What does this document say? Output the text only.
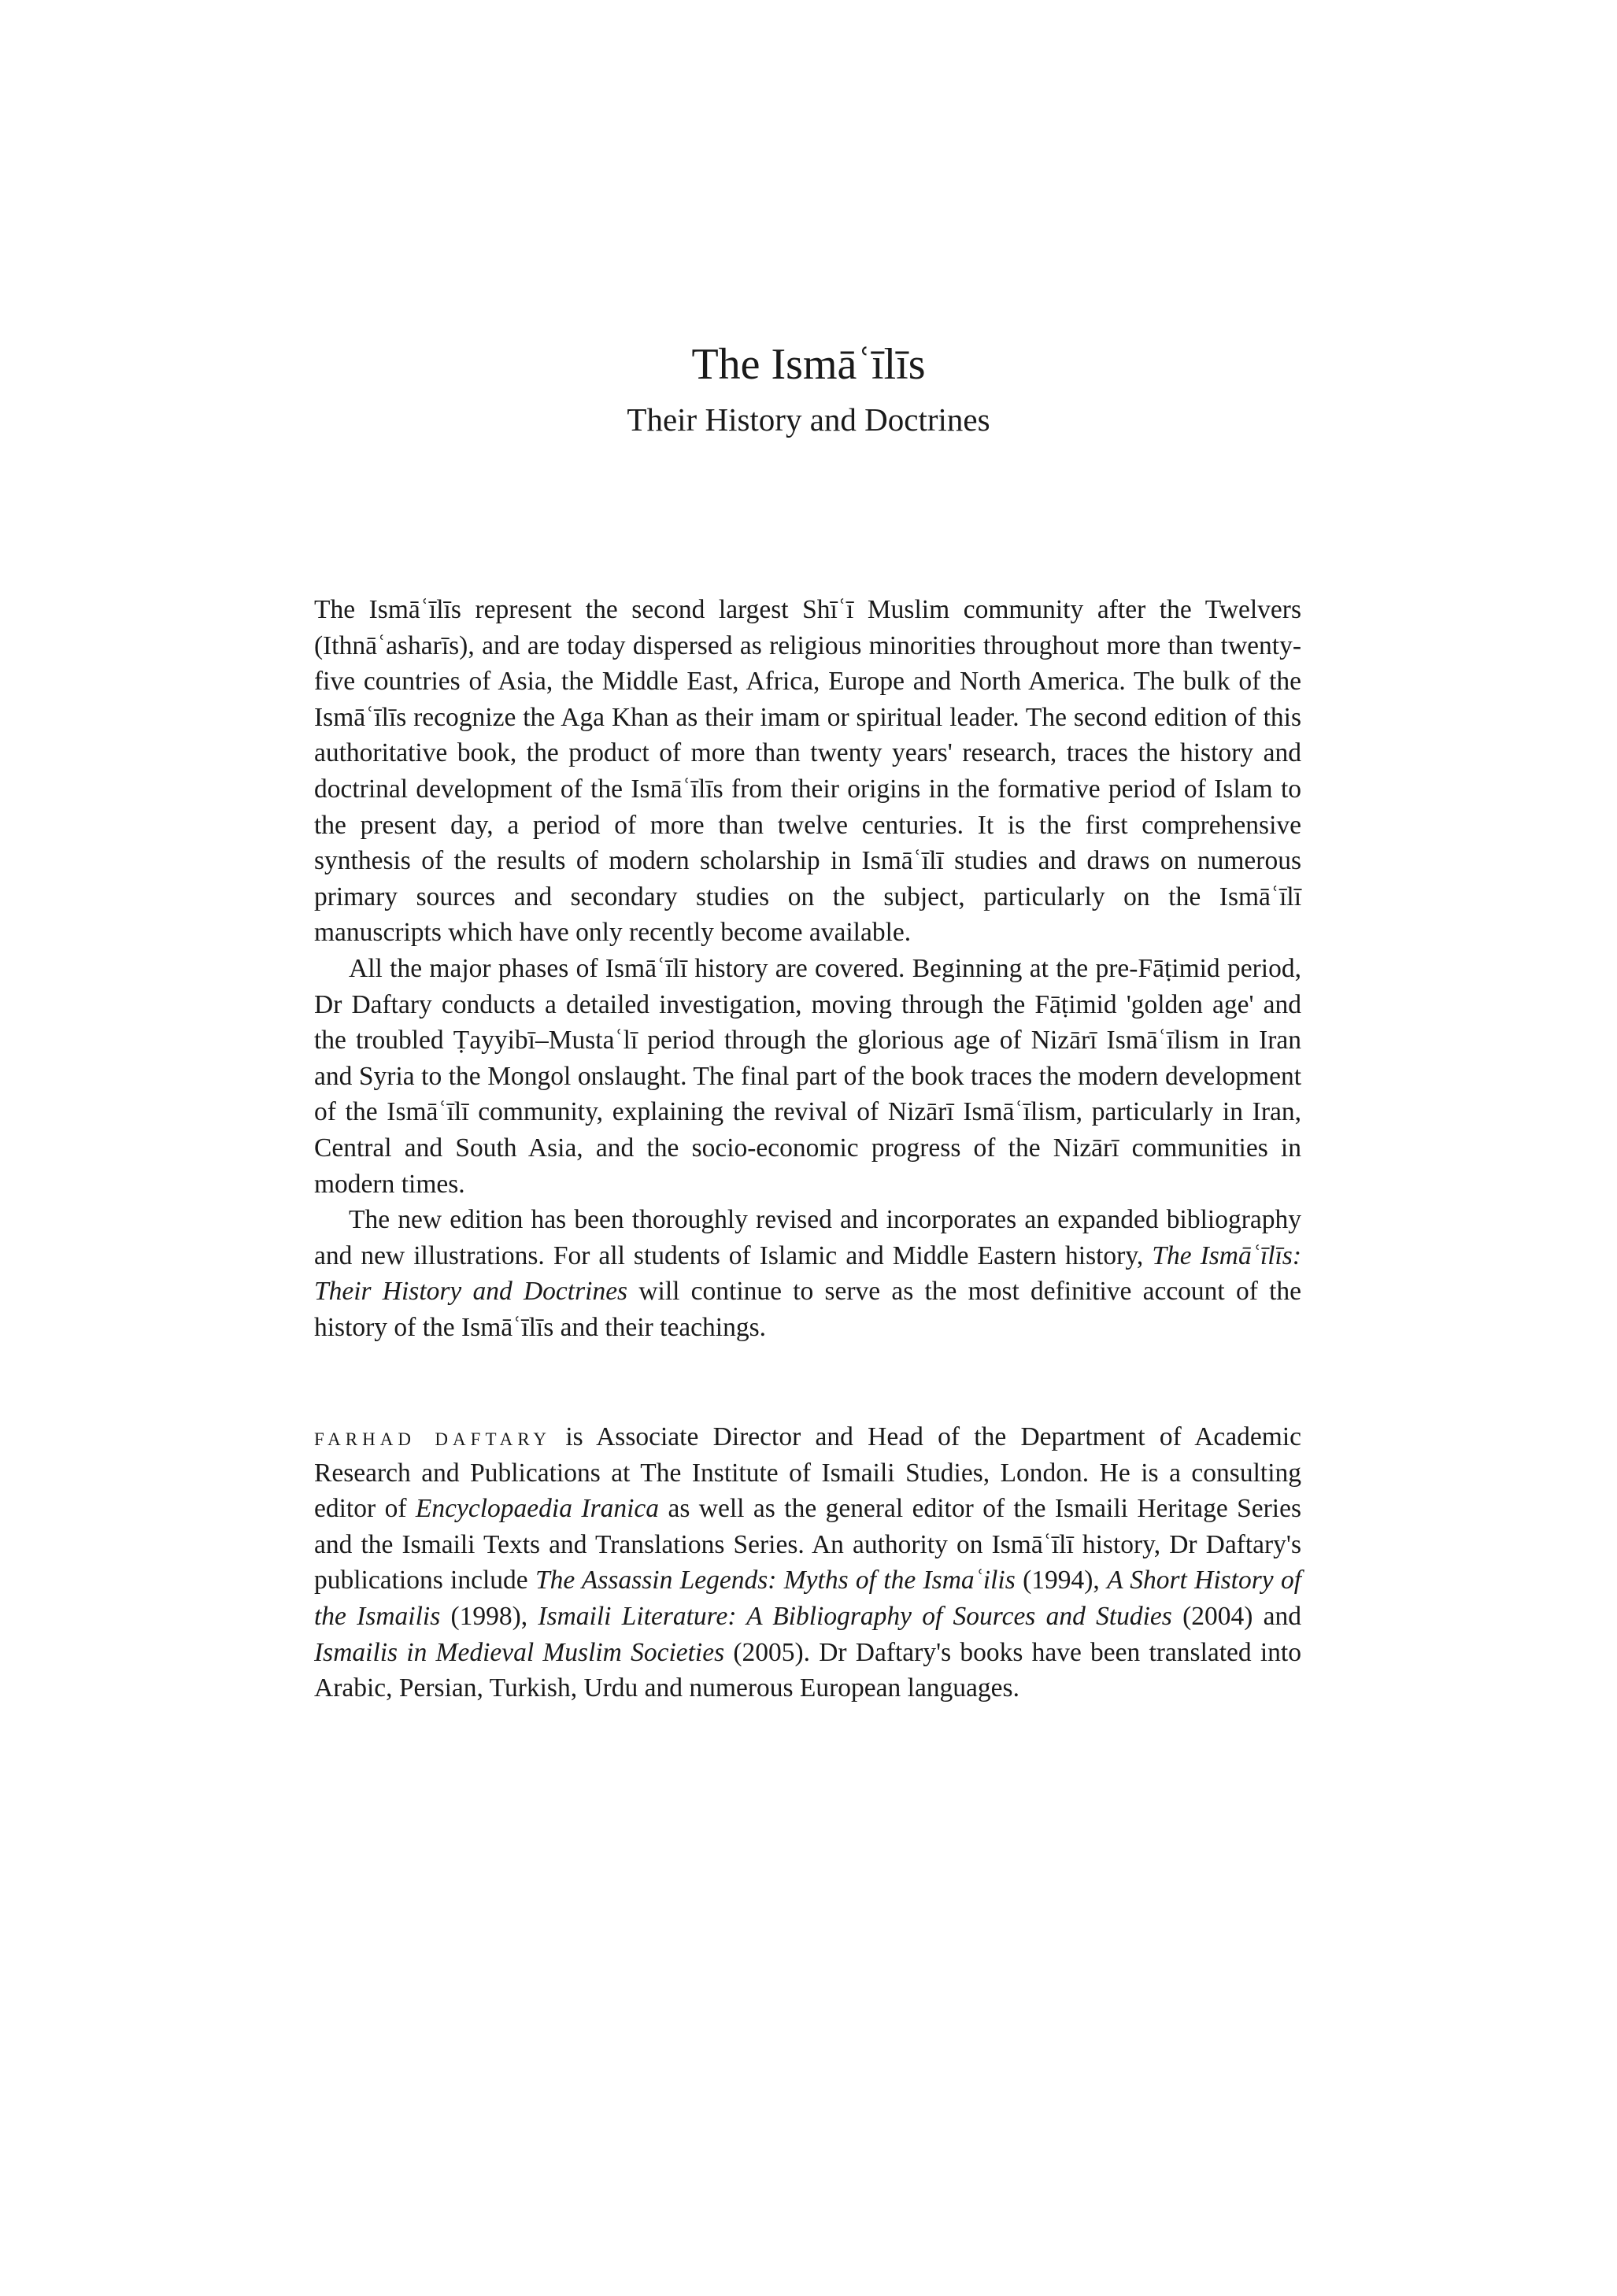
The Ismāʿīlīs
Their History and Doctrines

The Ismāʿīlīs represent the second largest Shīʿī Muslim community after the Twelvers (Ithnāʿasharīs), and are today dispersed as religious minorities throughout more than twenty-five countries of Asia, the Middle East, Africa, Europe and North America. The bulk of the Ismāʿīlīs recognize the Aga Khan as their imam or spiritual leader. The second edition of this authoritative book, the product of more than twenty years' research, traces the history and doctrinal development of the Ismāʿīlīs from their origins in the formative period of Islam to the present day, a period of more than twelve centuries. It is the first comprehensive synthesis of the results of modern scholarship in Ismāʿīlī studies and draws on numerous primary sources and secondary studies on the subject, particularly on the Ismāʿīlī manuscripts which have only recently become available.

All the major phases of Ismāʿīlī history are covered. Beginning at the pre-Fāṭimid period, Dr Daftary conducts a detailed investigation, moving through the Fāṭimid 'golden age' and the troubled Ṭayyibī–Mustaʿlī period through the glorious age of Nizārī Ismāʿīlism in Iran and Syria to the Mongol onslaught. The final part of the book traces the modern development of the Ismāʿīlī community, explaining the revival of Nizārī Ismāʿīlism, particularly in Iran, Central and South Asia, and the socio-economic progress of the Nizārī communities in modern times.

The new edition has been thoroughly revised and incorporates an expanded bibliography and new illustrations. For all students of Islamic and Middle Eastern history, The Ismāʿīlīs: Their History and Doctrines will continue to serve as the most definitive account of the history of the Ismāʿīlīs and their teachings.

farhad daftary is Associate Director and Head of the Department of Academic Research and Publications at The Institute of Ismaili Studies, London. He is a consulting editor of Encyclopaedia Iranica as well as the general editor of the Ismaili Heritage Series and the Ismaili Texts and Translations Series. An authority on Ismāʿīlī history, Dr Daftary's publications include The Assassin Legends: Myths of the Ismaʿilis (1994), A Short History of the Ismailis (1998), Ismaili Literature: A Bibliography of Sources and Studies (2004) and Ismailis in Medieval Muslim Societies (2005). Dr Daftary's books have been translated into Arabic, Persian, Turkish, Urdu and numerous European languages.
